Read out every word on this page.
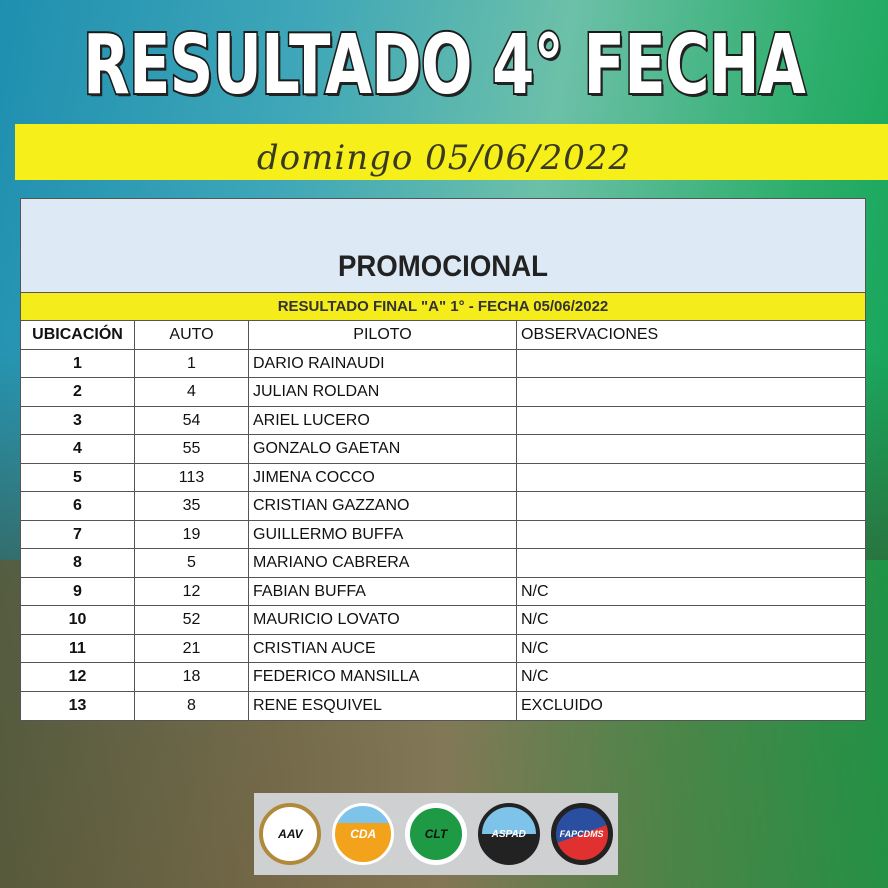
RESULTADO 4° FECHA
domingo 05/06/2022
PROMOCIONAL
RESULTADO FINAL "A" 1° - FECHA 05/06/2022
UBICACIÓN	AUTO	PILOTO	OBSERVACIONES
1	1	DARIO RAINAUDI
2	4	JULIAN ROLDAN
3	54	ARIEL LUCERO
4	55	GONZALO GAETAN
5	113	JIMENA COCCO
6	35	CRISTIAN GAZZANO
7	19	GUILLERMO BUFFA
8	5	MARIANO CABRERA
9	12	FABIAN BUFFA	N/C
10	52	MAURICIO LOVATO	N/C
11	21	CRISTIAN AUCE	N/C
12	18	FEDERICO MANSILLA	N/C
13	8	RENE ESQUIVEL	EXCLUIDO
AAV	CDA	CLT	ASPAD	FAPCDMS
